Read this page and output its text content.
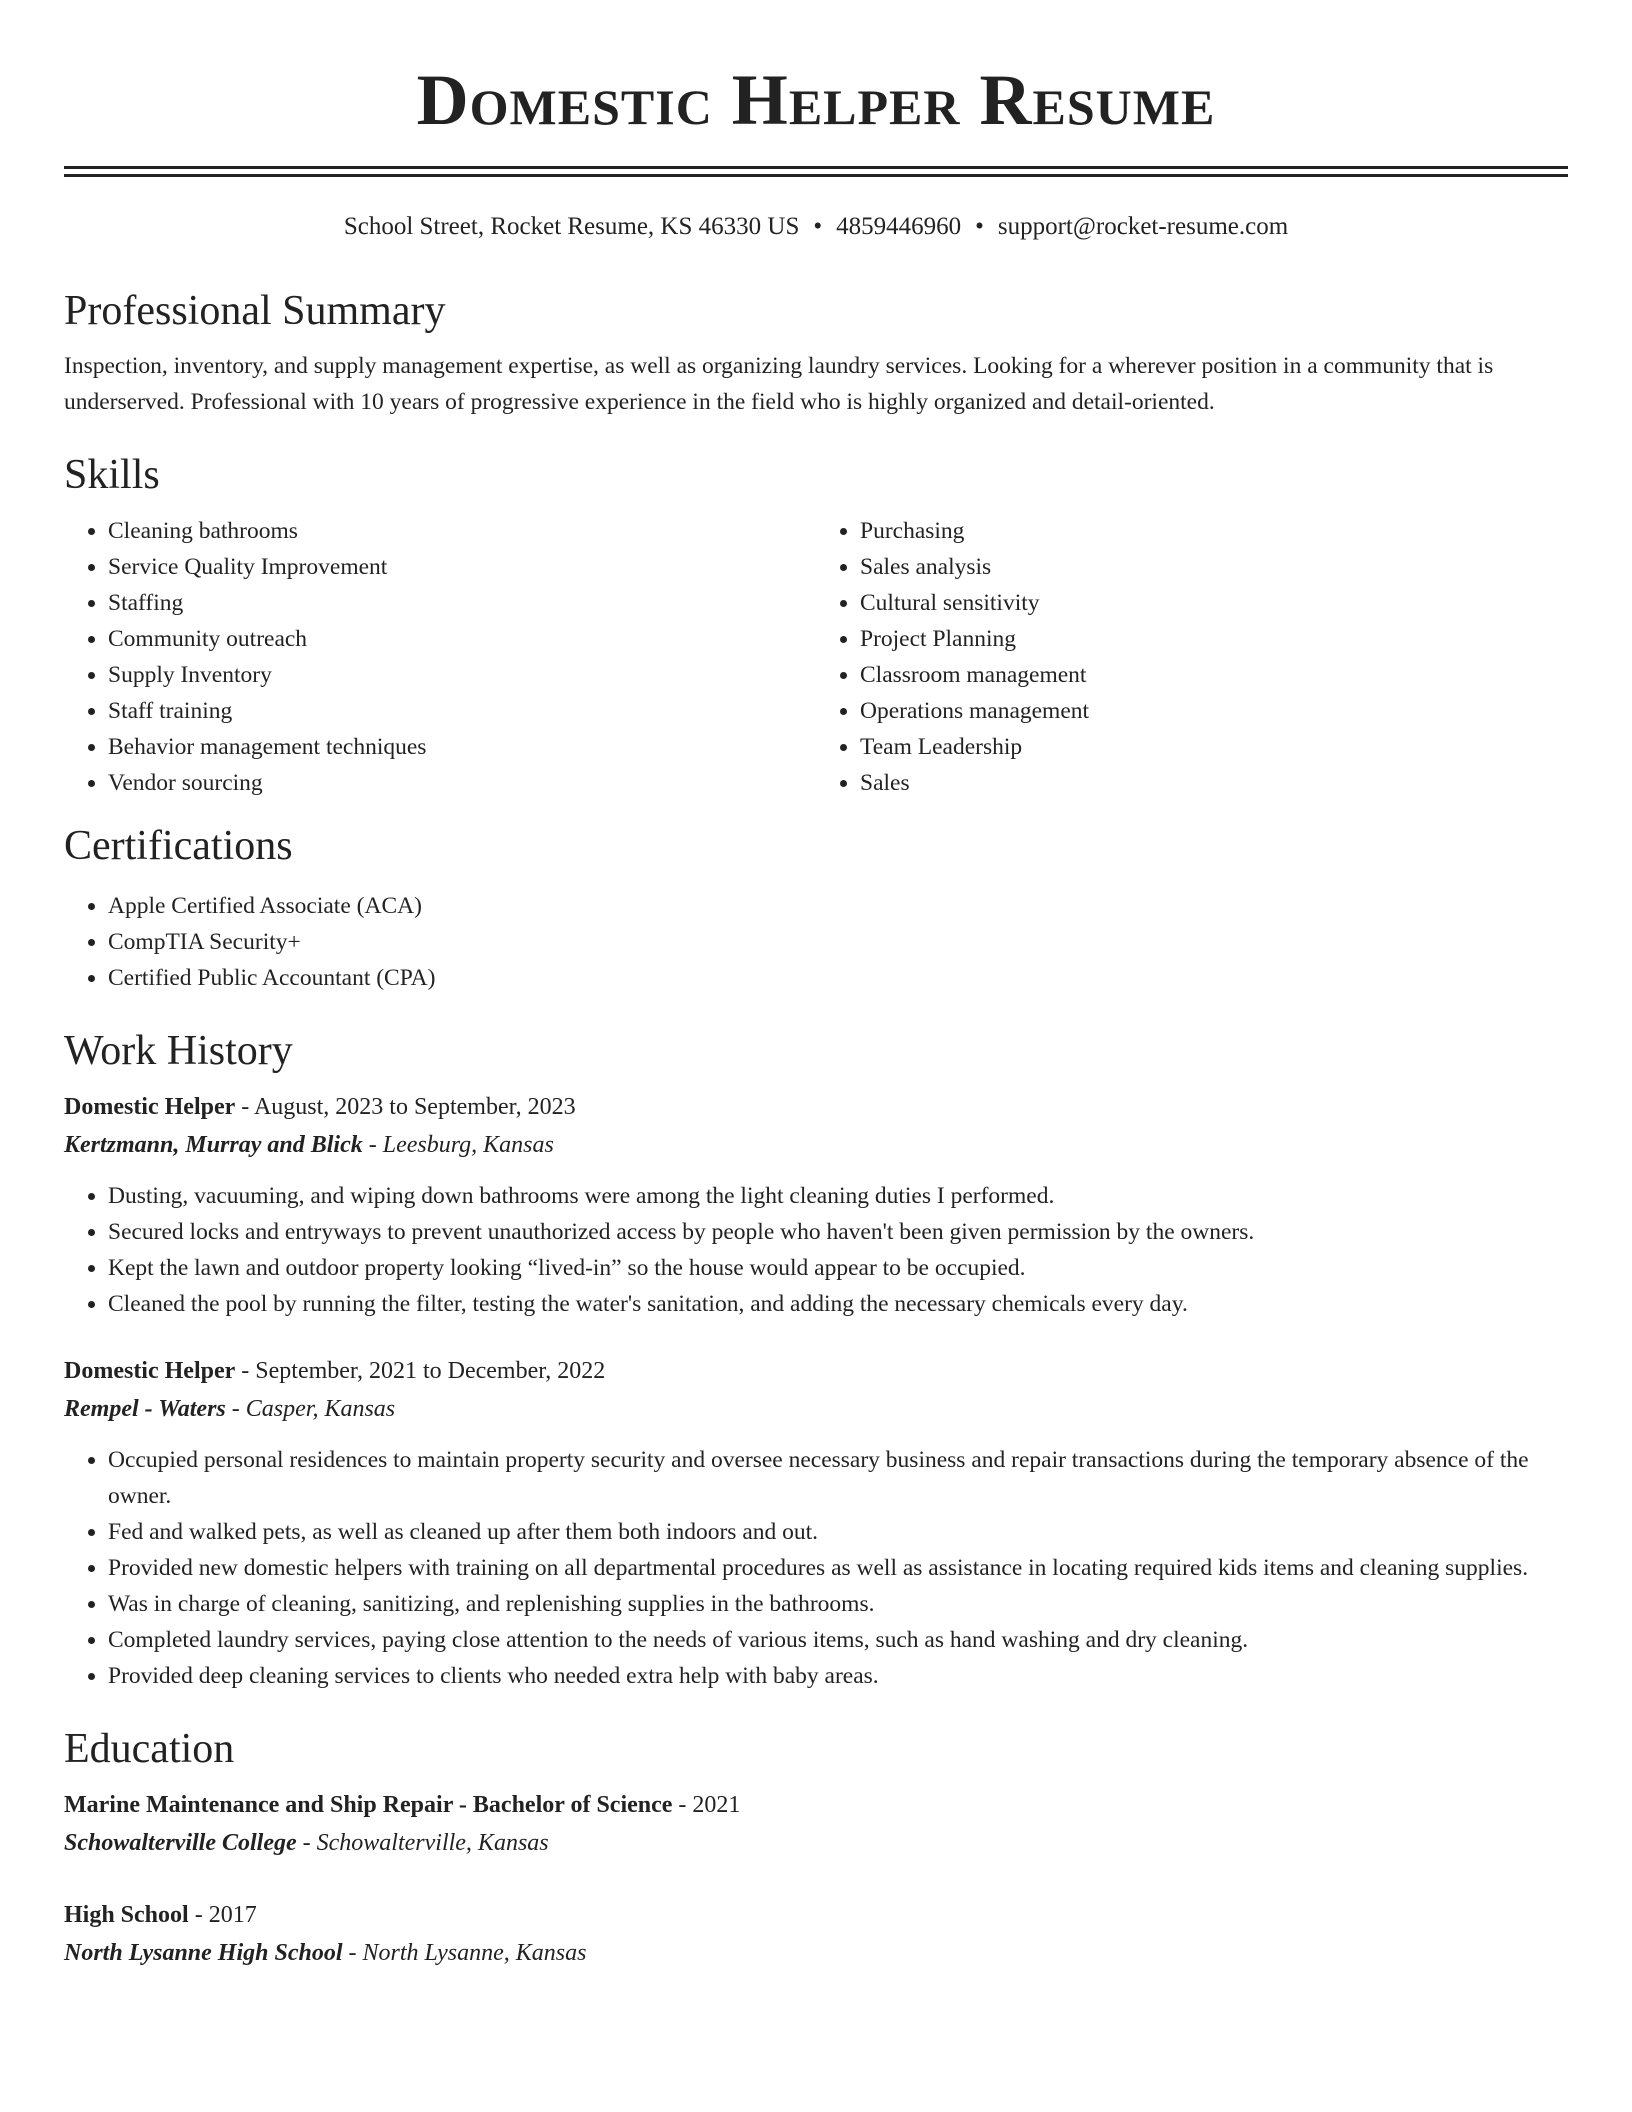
Domestic Helper Resume
School Street, Rocket Resume, KS 46330 US • 4859446960 • support@rocket-resume.com
Professional Summary

Inspection, inventory, and supply management expertise, as well as organizing laundry services. Looking for a wherever position in a community that is underserved. Professional with 10 years of progressive experience in the field who is highly organized and detail-oriented.

Skills
• Cleaning bathrooms
• Service Quality Improvement
• Staffing
• Community outreach
• Supply Inventory
• Staff training
• Behavior management techniques
• Vendor sourcing
• Purchasing
• Sales analysis
• Cultural sensitivity
• Project Planning
• Classroom management
• Operations management
• Team Leadership
• Sales
Certifications
• Apple Certified Associate (ACA)
• CompTIA Security+
• Certified Public Accountant (CPA)
Work History
Domestic Helper - August, 2023 to September, 2023
Kertzmann, Murray and Blick - Leesburg, Kansas
• Dusting, vacuuming, and wiping down bathrooms were among the light cleaning duties I performed.
• Secured locks and entryways to prevent unauthorized access by people who haven't been given permission by the owners.
• Kept the lawn and outdoor property looking “lived-in” so the house would appear to be occupied.
• Cleaned the pool by running the filter, testing the water's sanitation, and adding the necessary chemicals every day.
Domestic Helper - September, 2021 to December, 2022
Rempel - Waters - Casper, Kansas
• Occupied personal residences to maintain property security and oversee necessary business and repair transactions during the temporary absence of the owner.
• Fed and walked pets, as well as cleaned up after them both indoors and out.
• Provided new domestic helpers with training on all departmental procedures as well as assistance in locating required kids items and cleaning supplies.
• Was in charge of cleaning, sanitizing, and replenishing supplies in the bathrooms.
• Completed laundry services, paying close attention to the needs of various items, such as hand washing and dry cleaning.
• Provided deep cleaning services to clients who needed extra help with baby areas.
Education
Marine Maintenance and Ship Repair - Bachelor of Science - 2021
Schowalterville College - Schowalterville, Kansas
High School - 2017
North Lysanne High School - North Lysanne, Kansas
